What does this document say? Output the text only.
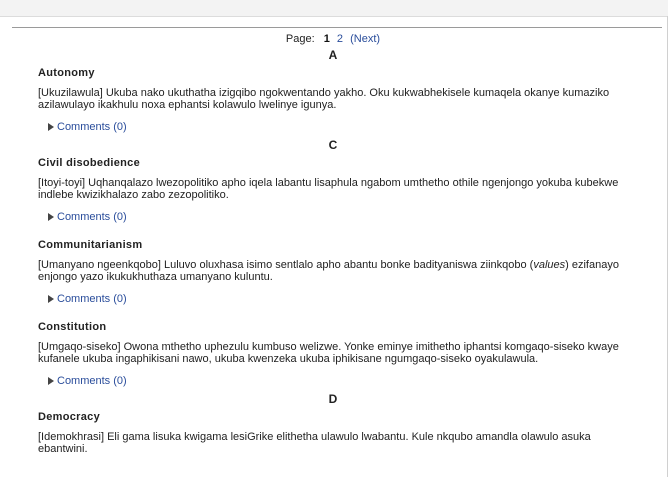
Page: 1 2 (Next)
A
Autonomy
[Ukuzilawula] Ukuba nako ukuthatha izigqibo ngokwentando yakho. Oku kukwabhekisele kumaqela okanye kumaziko azilawulayo ikakhulu noxa ephantsi kolawulo lwelinye igunya.
Comments (0)
C
Civil disobedience
[Itoyi-toyi] Uqhanqalazo lwezopolitiko apho iqela labantu lisaphula ngabom umthetho othile ngenjongo yokuba kubekwe indlebe kwizikhalazo zabo zezopolitiko.
Comments (0)
Communitarianism
[Umanyano ngeenkqobo] Luluvo oluxhasa isimo sentlalo apho abantu bonke badityaniswa ziinkqobo (values) ezifanayo enjongo yazo ikukukhuthaza umanyano kuluntu.
Comments (0)
Constitution
[Umgaqo-siseko] Owona mthetho uphezulu kumbuso welizwe. Yonke eminye imithetho iphantsi komgaqo-siseko kwaye kufanele ukuba ingaphikisani nawo, ukuba kwenzeka ukuba iphikisane ngumgaqo-siseko oyakulawula.
Comments (0)
D
Democracy
[Idemokhrasi] Eli gama lisuka kwigama lesiGrike elithetha ulawulo lwabantu. Kule nkqubo amandla olawulo asuka ebantwini.
